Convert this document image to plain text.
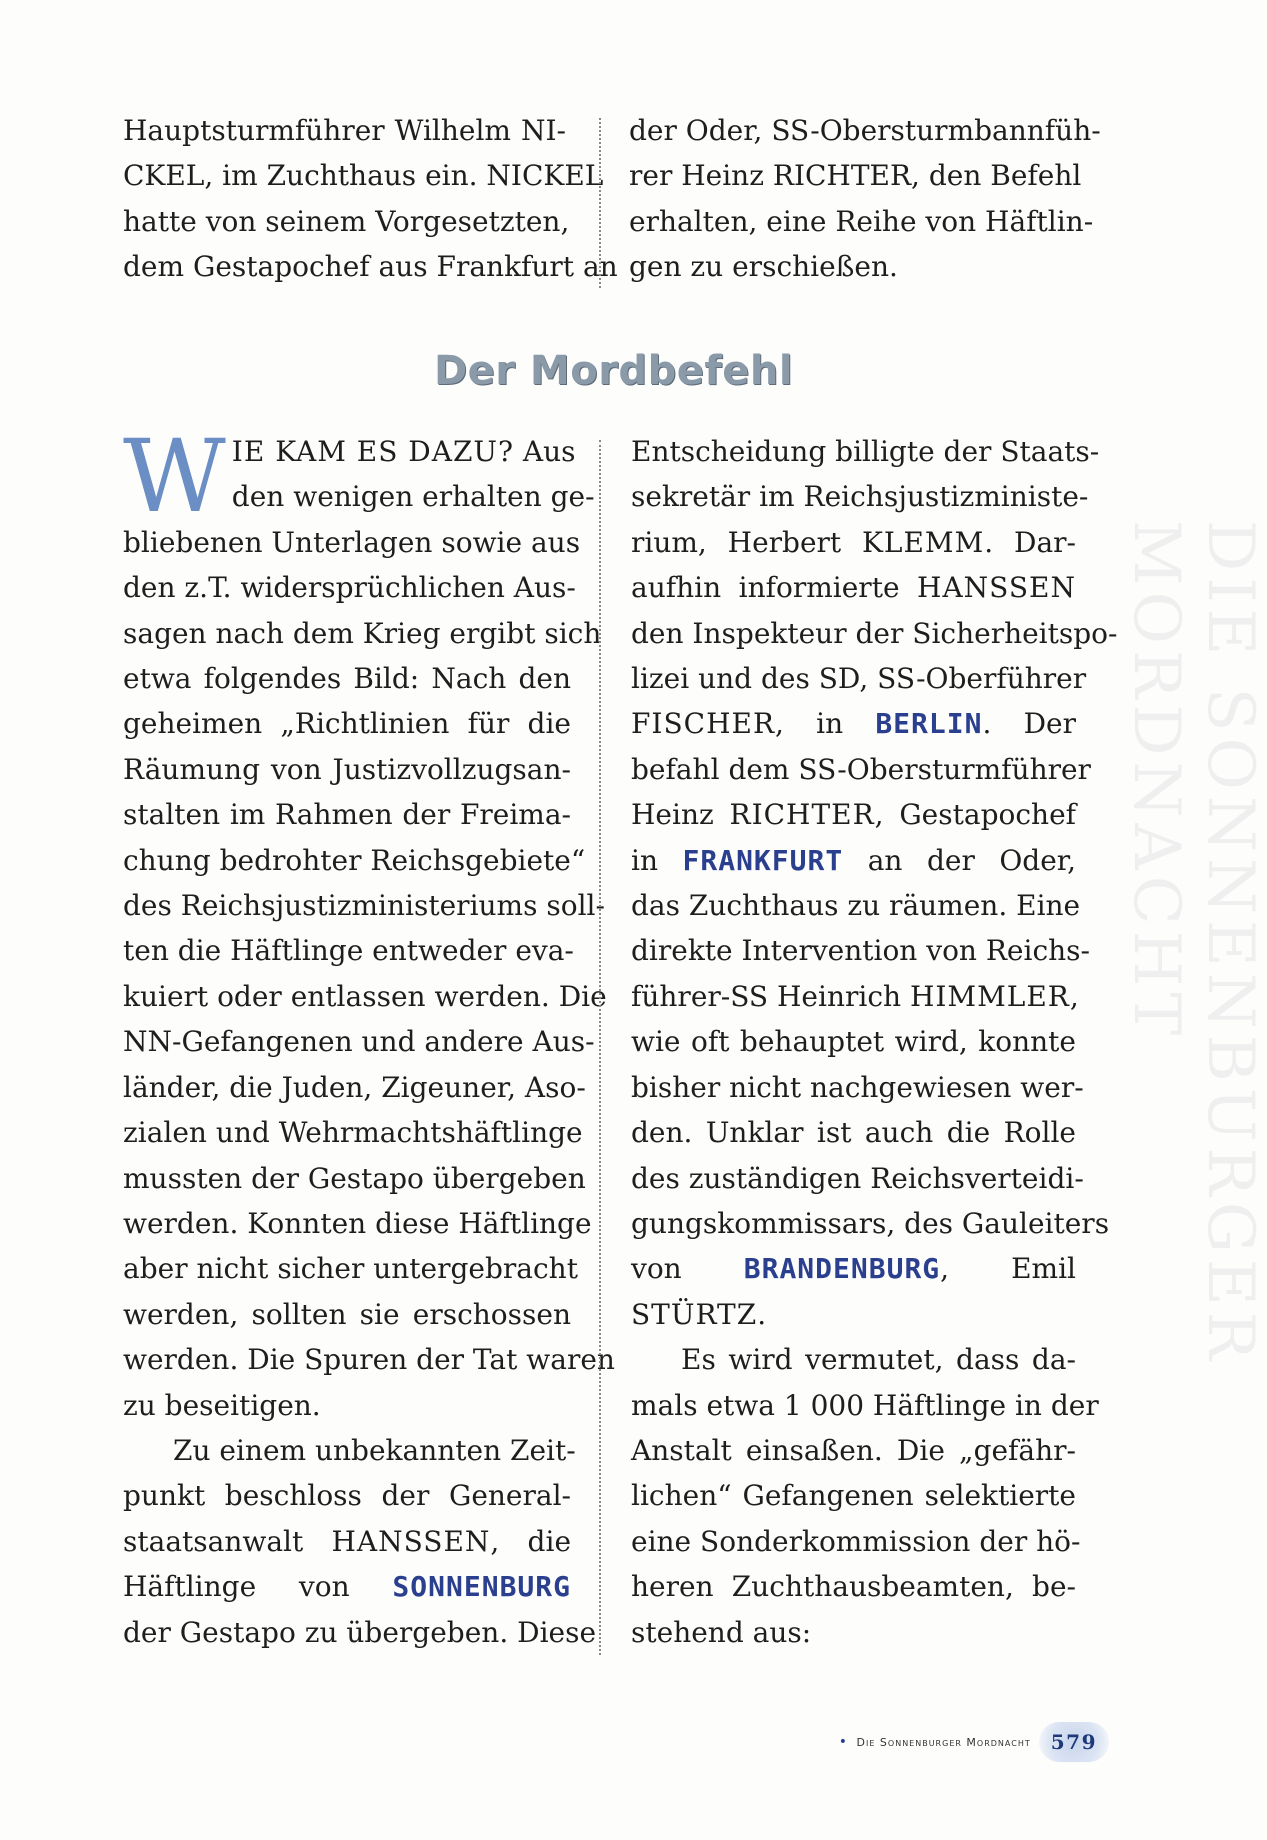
Hauptsturmführer Wilhelm NI-
CKEL, im Zuchthaus ein. NICKEL
hatte von seinem Vorgesetzten,
dem Gestapochef aus Frankfurt an
der Oder, SS-Obersturmbannfüh-
rer Heinz RICHTER, den Befehl
erhalten, eine Reihe von Häftlin-
gen zu erschießen.
Der Mordbefehl
W IE KAM ES DAZU? Aus
den wenigen erhalten ge-
bliebenen Unterlagen sowie aus
den z.T. widersprüchlichen Aus-
sagen nach dem Krieg ergibt sich
etwa folgendes Bild: Nach den
geheimen „Richtlinien für die
Räumung von Justizvollzugsan-
stalten im Rahmen der Freima-
chung bedrohter Reichsgebiete“
des Reichsjustizministeriums soll-
ten die Häftlinge entweder eva-
kuiert oder entlassen werden. Die
NN-Gefangenen und andere Aus-
länder, die Juden, Zigeuner, Aso-
zialen und Wehrmachtshäftlinge
mussten der Gestapo übergeben
werden. Konnten diese Häftlinge
aber nicht sicher untergebracht
werden, sollten sie erschossen
werden. Die Spuren der Tat waren
zu beseitigen.
Zu einem unbekannten Zeit-
punkt beschloss der General-
staatsanwalt HANSSEN, die
Häftlinge von SONNENBURG
der Gestapo zu übergeben. Diese
Entscheidung billigte der Staats-
sekretär im Reichsjustizministe-
rium, Herbert KLEMM. Dar-
aufhin informierte HANSSEN
den Inspekteur der Sicherheitspo-
lizei und des SD, SS-Oberführer
FISCHER, in BERLIN. Der
befahl dem SS-Obersturmführer
Heinz RICHTER, Gestapochef
in FRANKFURT an der Oder,
das Zuchthaus zu räumen. Eine
direkte Intervention von Reichs-
führer-SS Heinrich HIMMLER,
wie oft behauptet wird, konnte
bisher nicht nachgewiesen wer-
den. Unklar ist auch die Rolle
des zuständigen Reichsverteidi-
gungskommissars, des Gauleiters
von BRANDENBURG, Emil
STÜRTZ.
Es wird vermutet, dass da-
mals etwa 1 000 Häftlinge in der
Anstalt einsaßen. Die „gefähr-
lichen“ Gefangenen selektierte
eine Sonderkommission der hö-
heren Zuchthausbeamten, be-
stehend aus:
• Die Sonnenburger Mordnacht	579
DIE SONNENBURGER MORDNACHT
